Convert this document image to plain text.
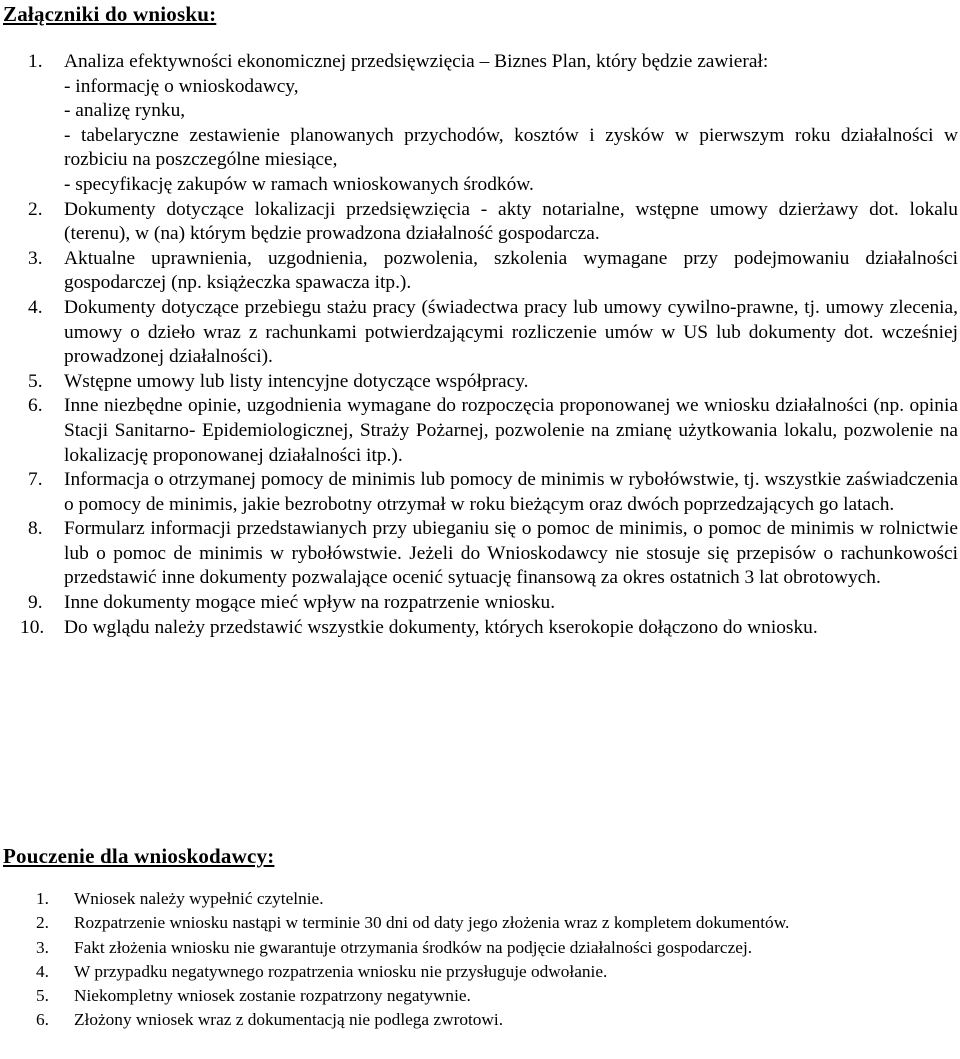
Załączniki do wniosku:
1.	Analiza efektywności ekonomicznej przedsięwzięcia – Biznes Plan, który będzie zawierał:
- informację o wnioskodawcy,
- analizę rynku,
- tabelaryczne zestawienie planowanych przychodów, kosztów i zysków w pierwszym roku działalności w rozbiciu na poszczególne miesiące,
- specyfikację zakupów w ramach wnioskowanych środków.
2.	Dokumenty dotyczące lokalizacji przedsięwzięcia - akty notarialne, wstępne umowy dzierżawy dot. lokalu (terenu), w (na) którym będzie prowadzona działalność gospodarcza.
3.	Aktualne uprawnienia, uzgodnienia, pozwolenia, szkolenia wymagane przy podejmowaniu działalności gospodarczej (np. książeczka spawacza itp.).
4.	Dokumenty dotyczące przebiegu stażu pracy (świadectwa pracy lub umowy cywilno-prawne, tj. umowy zlecenia, umowy o dzieło wraz z rachunkami potwierdzającymi rozliczenie umów w US lub dokumenty dot. wcześniej prowadzonej działalności).
5.	Wstępne umowy lub listy intencyjne dotyczące współpracy.
6.	Inne niezbędne opinie, uzgodnienia wymagane do rozpoczęcia proponowanej we wniosku działalności (np. opinia Stacji Sanitarno- Epidemiologicznej, Straży Pożarnej, pozwolenie na zmianę użytkowania lokalu, pozwolenie na lokalizację proponowanej działalności itp.).
7.	Informacja o otrzymanej pomocy de minimis lub pomocy de minimis w rybołówstwie, tj. wszystkie zaświadczenia o pomocy de minimis, jakie bezrobotny otrzymał w roku bieżącym oraz dwóch poprzedzających go latach.
8.	Formularz informacji przedstawianych przy ubieganiu się o pomoc de minimis, o pomoc de minimis w rolnictwie lub o pomoc de minimis w rybołówstwie. Jeżeli do Wnioskodawcy nie stosuje się przepisów o rachunkowości przedstawić inne dokumenty pozwalające ocenić sytuację finansową za okres ostatnich 3 lat obrotowych.
9.	Inne dokumenty mogące mieć wpływ na rozpatrzenie wniosku.
10.	Do wglądu należy przedstawić wszystkie dokumenty, których kserokopie dołączono do wniosku.
Pouczenie dla wnioskodawcy:
1.	Wniosek należy wypełnić czytelnie.
2.	Rozpatrzenie wniosku nastąpi w terminie 30 dni od daty jego złożenia wraz z kompletem dokumentów.
3.	Fakt złożenia wniosku nie gwarantuje otrzymania środków na podjęcie działalności gospodarczej.
4.	W przypadku negatywnego rozpatrzenia wniosku nie przysługuje odwołanie.
5.	Niekompletny wniosek zostanie rozpatrzony negatywnie.
6.	Złożony wniosek wraz z dokumentacją nie podlega zwrotowi.
